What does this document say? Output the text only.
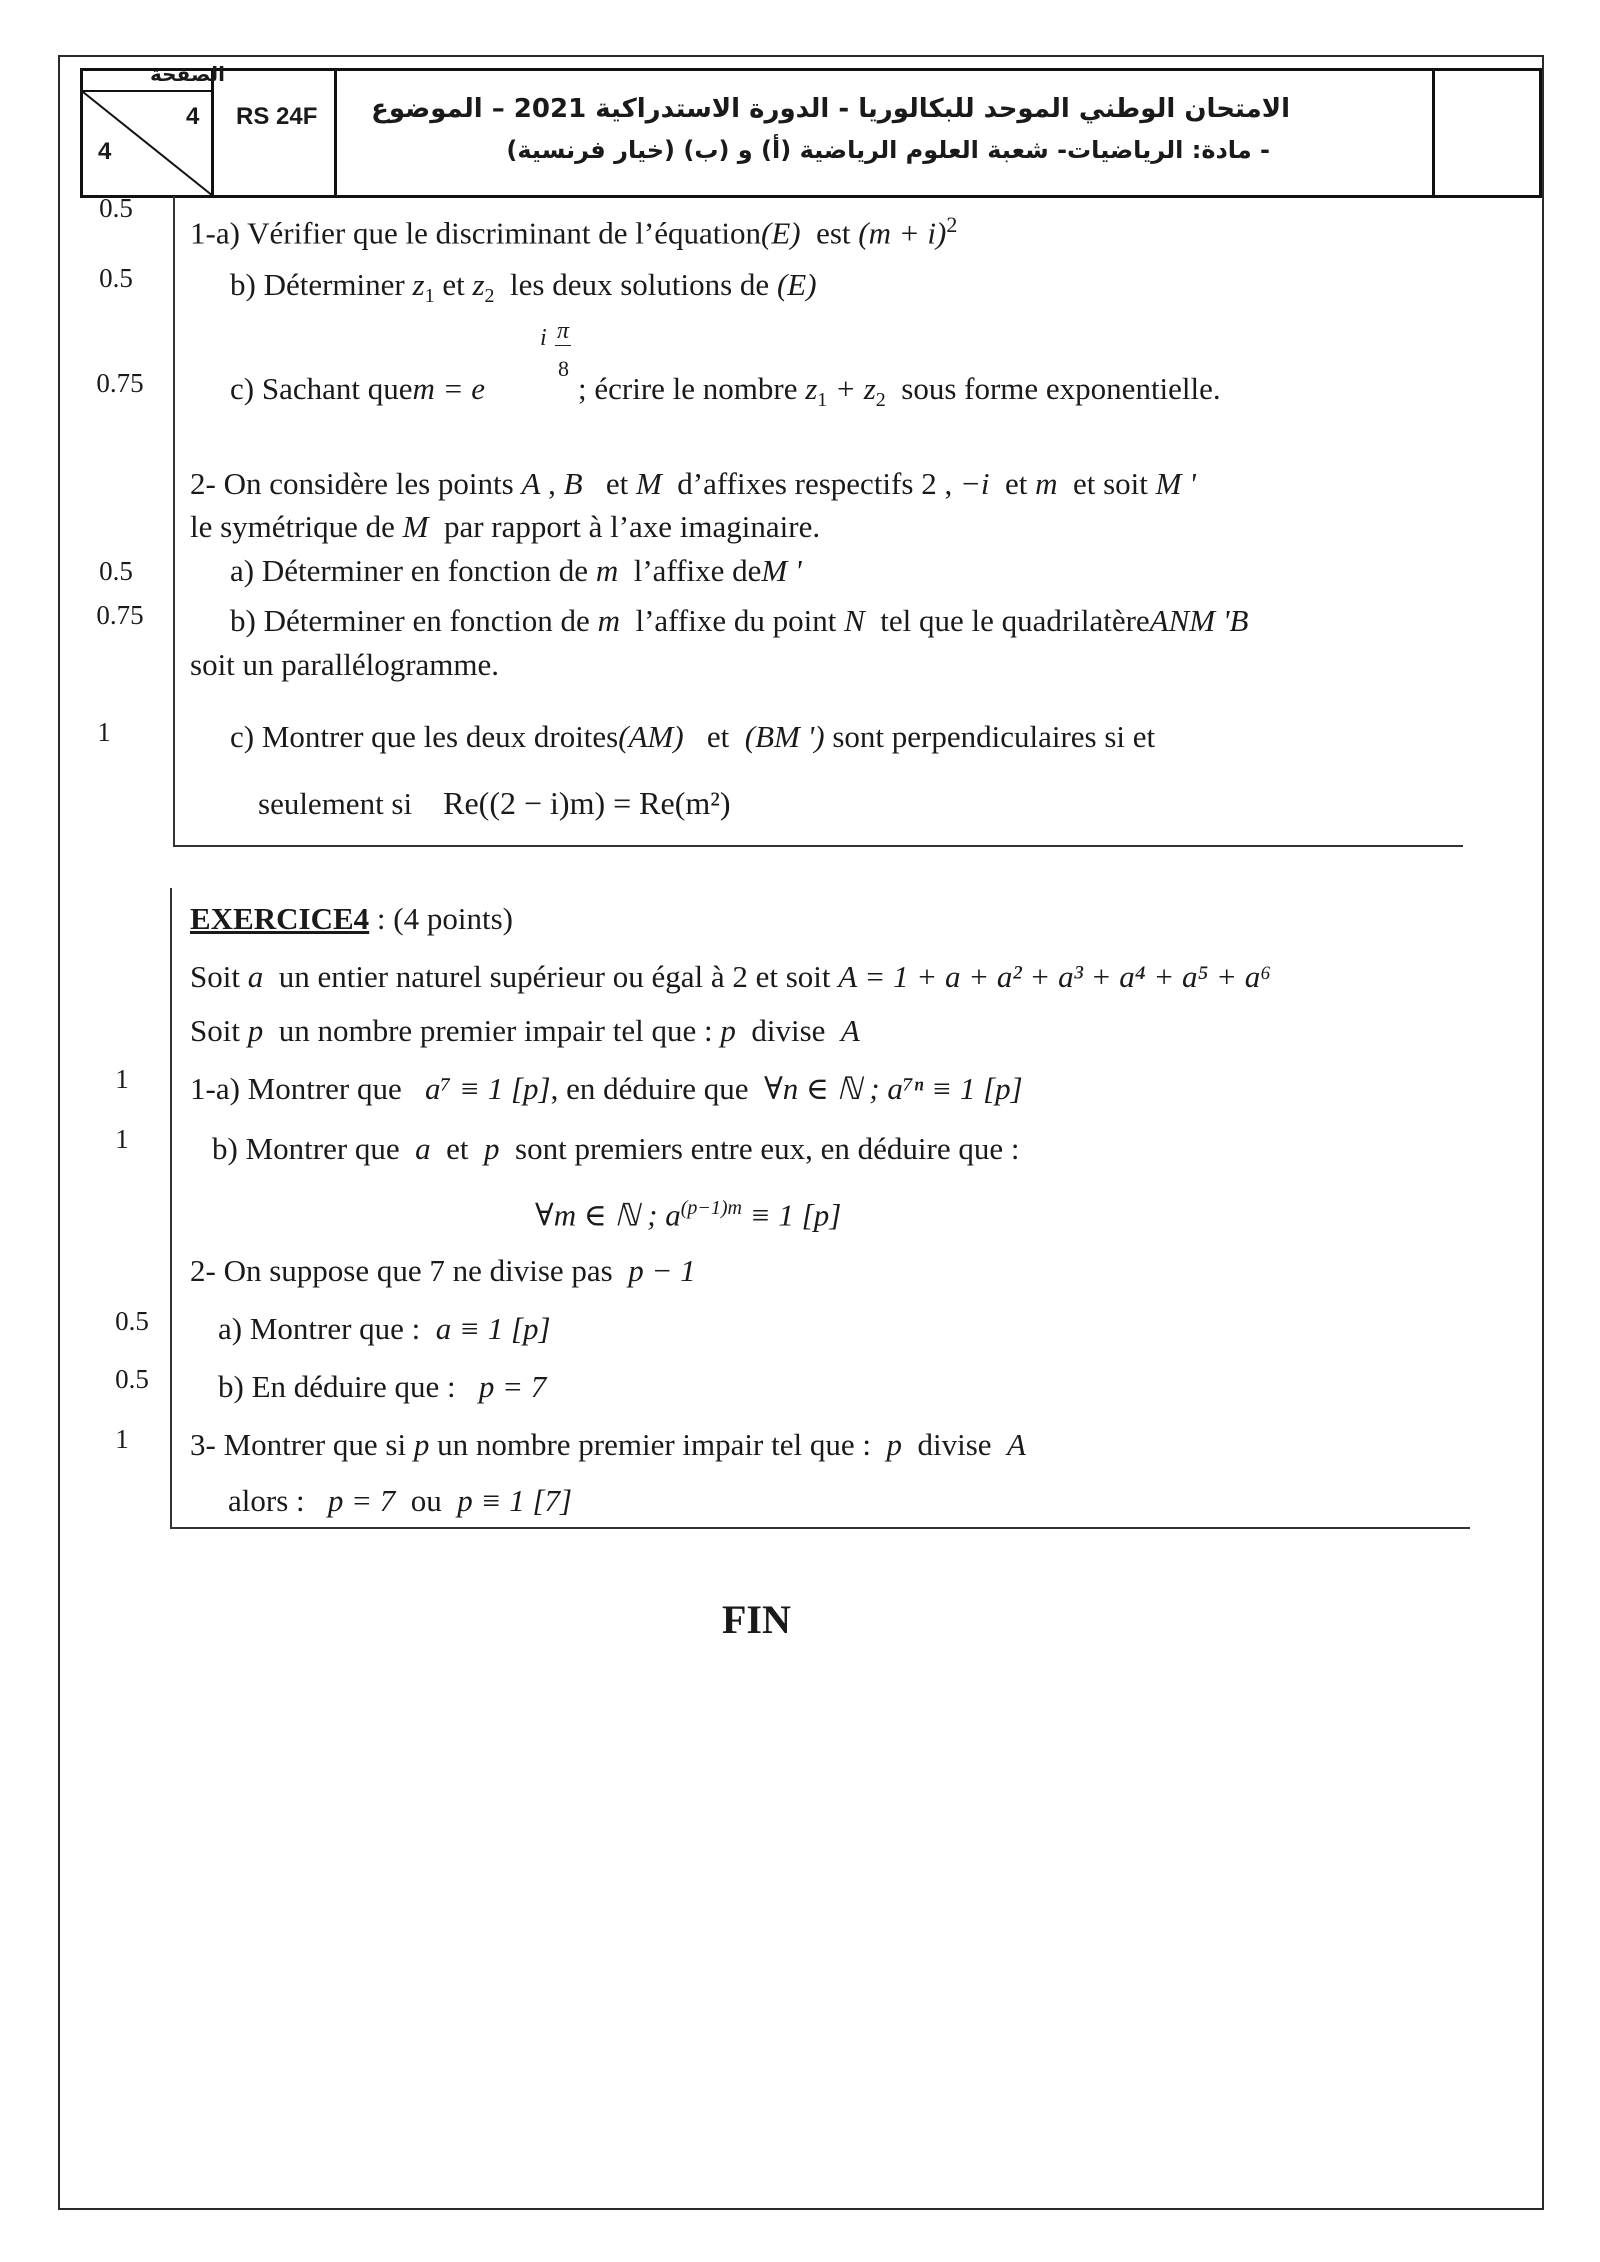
الصفحة
4
4
RS 24F الامتحان الوطني الموحد للبكالوريا - الدورة الاستدراكية 2021 – الموضوع
- مادة: الرياضيات- شعبة العلوم الرياضية (أ) و (ب) (خيار فرنسية)
0.5
0.5
0.75
0.5
0.75
1
1
1
0.5
0.5
1
1-a) Vérifier que le discriminant de l’équation(E) est $(m + i)^2$
b) Déterminer $z_1$ et $z_2$ les deux solutions de (E)
c) Sachant quem = e
i π
8
; écrire le nombre $z_1 + z_2$ sous forme exponentielle.
2- On considère les points A , B et M d’affixes respectifs 2 , −i et m et soit M '
le symétrique de M par rapport à l’axe imaginaire.
a) Déterminer en fonction de m l’affixe deM '
b) Déterminer en fonction de m l’affixe du point N tel que le quadrilatèreANM 'B
soit un parallélogramme.
c) Montrer que les deux droites(AM) et (BM ') sont perpendiculaires si et
seulement si Re((2 − i)m) = Re(m²)
EXERCICE4 : (4 points)
Soit a un entier naturel supérieur ou égal à 2 et soit A = 1 + a + a² + a³ + a⁴ + a⁵ + a⁶
Soit p un nombre premier impair tel que : p divise A
1-a) Montrer que a⁷ ≡ 1 [p], en déduire que ∀n ∈ ℕ ; a⁷ⁿ ≡ 1 [p]
b) Montrer que a et p sont premiers entre eux, en déduire que :
∀m ∈ ℕ ; $a^{(p-1)m} \equiv 1$ [p]
2- On suppose que 7 ne divise pas p − 1
a) Montrer que : a ≡ 1 [p]
b) En déduire que : p = 7
3- Montrer que si p un nombre premier impair tel que : p divise A
alors : p = 7 ou p ≡ 1 [7]
FIN
